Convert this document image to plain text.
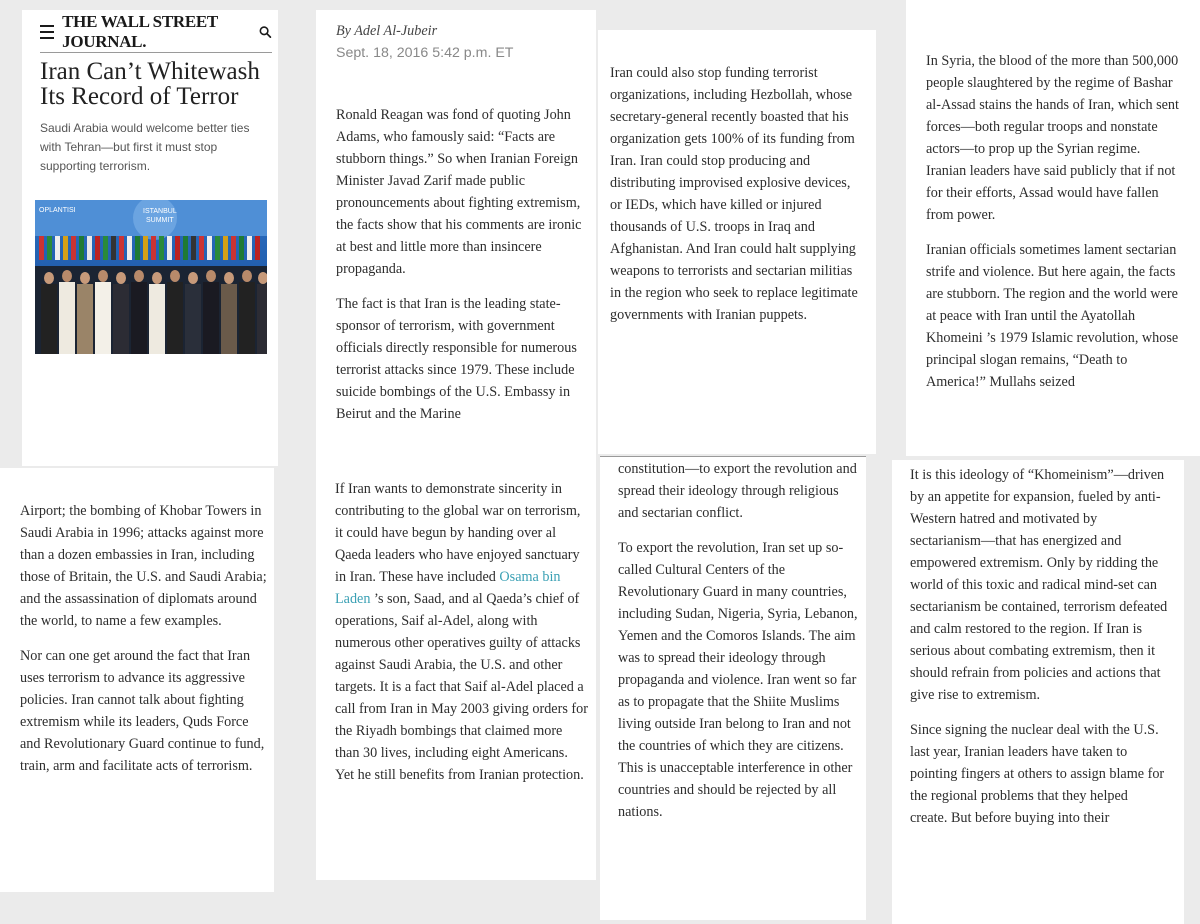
THE WALL STREET JOURNAL.
Iran Can’t Whitewash Its Record of Terror

Saudi Arabia would welcome better ties with Tehran—but first it must stop supporting terrorism.

OPLANTISI	ISTANBUL
SUMMIT

By Adel Al-Jubeir

Sept. 18, 2016 5:42 p.m. ET

Ronald Reagan was fond of quoting John Adams, who famously said: “Facts are stubborn things.” So when Iranian Foreign Minister Javad Zarif made public pronouncements about fighting extremism, the facts show that his comments are ironic at best and little more than insincere propaganda.

The fact is that Iran is the leading state-sponsor of terrorism, with government officials directly responsible for numerous terrorist attacks since 1979. These include suicide bombings of the U.S. Embassy in Beirut and the Marine

Iran could also stop funding terrorist organizations, including Hezbollah, whose secretary-general recently boasted that his organization gets 100% of its funding from Iran. Iran could stop producing and distributing improvised explosive devices, or IEDs, which have killed or injured thousands of U.S. troops in Iraq and Afghanistan. And Iran could halt supplying weapons to terrorists and sectarian militias in the region who seek to replace legitimate governments with Iranian puppets.

In Syria, the blood of the more than 500,000 people slaughtered by the regime of Bashar al-Assad stains the hands of Iran, which sent forces—both regular troops and nonstate actors—to prop up the Syrian regime. Iranian leaders have said publicly that if not for their efforts, Assad would have fallen from power.

Iranian officials sometimes lament sectarian strife and violence. But here again, the facts are stubborn. The region and the world were at peace with Iran until the Ayatollah Khomeini ’s 1979 Islamic revolution, whose principal slogan remains, “Death to America!” Mullahs seized

Airport; the bombing of Khobar Towers in Saudi Arabia in 1996; attacks against more than a dozen embassies in Iran, including those of Britain, the U.S. and Saudi Arabia; and the assassination of diplomats around the world, to name a few examples.

Nor can one get around the fact that Iran uses terrorism to advance its aggressive policies. Iran cannot talk about fighting extremism while its leaders, Quds Force and Revolutionary Guard continue to fund, train, arm and facilitate acts of terrorism.

If Iran wants to demonstrate sincerity in contributing to the global war on terrorism, it could have begun by handing over al Qaeda leaders who have enjoyed sanctuary in Iran. These have included Osama bin Laden ’s son, Saad, and al Qaeda’s chief of operations, Saif al-Adel, along with numerous other operatives guilty of attacks against Saudi Arabia, the U.S. and other targets. It is a fact that Saif al-Adel placed a call from Iran in May 2003 giving orders for the Riyadh bombings that claimed more than 30 lives, including eight Americans. Yet he still benefits from Iranian protection.

constitution—to export the revolution and spread their ideology through religious and sectarian conflict.

To export the revolution, Iran set up so-called Cultural Centers of the Revolutionary Guard in many countries, including Sudan, Nigeria, Syria, Lebanon, Yemen and the Comoros Islands. The aim was to spread their ideology through propaganda and violence. Iran went so far as to propagate that the Shiite Muslims living outside Iran belong to Iran and not the countries of which they are citizens. This is unacceptable interference in other countries and should be rejected by all nations.

It is this ideology of “Khomeinism”—driven by an appetite for expansion, fueled by anti-Western hatred and motivated by sectarianism—that has energized and empowered extremism. Only by ridding the world of this toxic and radical mind-set can sectarianism be contained, terrorism defeated and calm restored to the region. If Iran is serious about combating extremism, then it should refrain from policies and actions that give rise to extremism.

Since signing the nuclear deal with the U.S. last year, Iranian leaders have taken to pointing fingers at others to assign blame for the regional problems that they helped create. But before buying into their
